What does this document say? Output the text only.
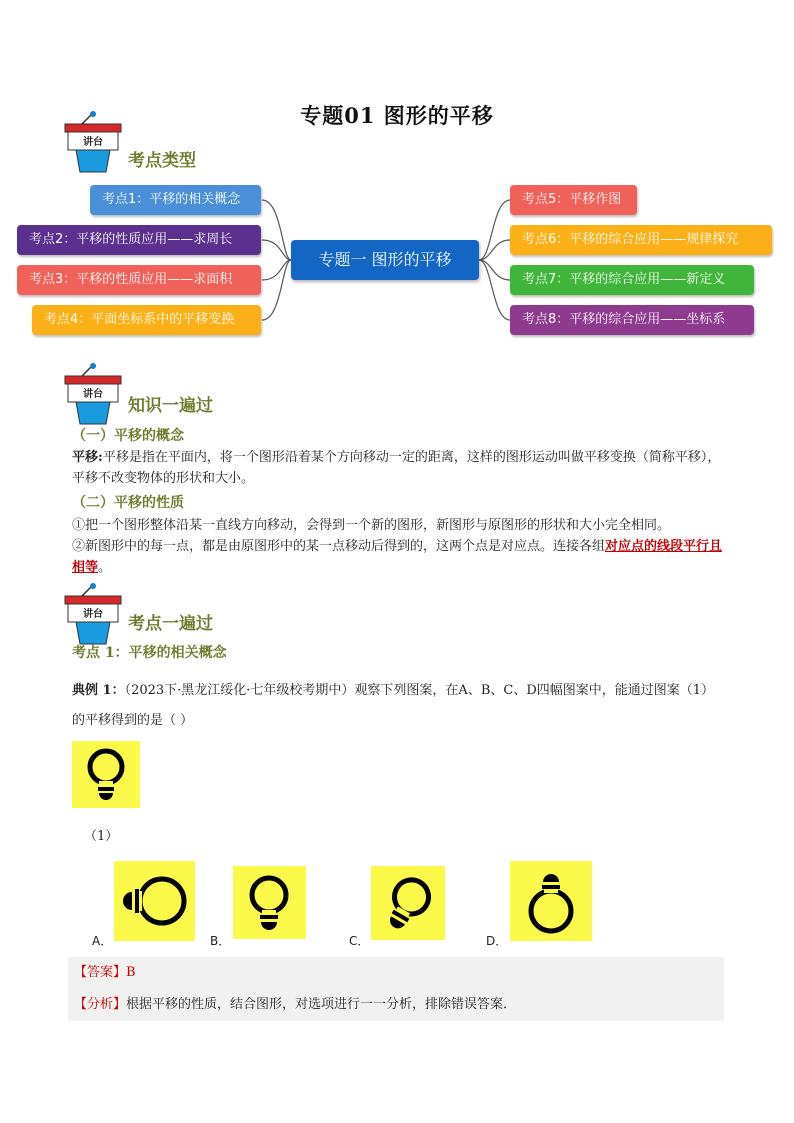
专题01 图形的平移
讲台
考点类型
考点1：平移的相关概念
考点2：平移的性质应用——求周长
考点3：平移的性质应用——求面积
考点4：平面坐标系中的平移变换
专题一 图形的平移
考点5：平移作图
考点6：平移的综合应用——规律探究
考点7：平移的综合应用——新定义
考点8：平移的综合应用——坐标系
讲台
知识一遍过
（一）平移的概念
平移:平移是指在平面内，将一个图形沿着某个方向移动一定的距离，这样的图形运动叫做平移变换（简称平移），平移不改变物体的形状和大小。
（二）平移的性质
①把一个图形整体沿某一直线方向移动，会得到一个新的图形，新图形与原图形的形状和大小完全相同。
②新图形中的每一点，都是由原图形中的某一点移动后得到的，这两个点是对应点。连接各组对应点的线段平行且相等。
讲台 考点一遍过
考点 1：平移的相关概念
典例 1：（2023下·黑龙江绥化·七年级校考期中）观察下列图案，在A、B、C、D四幅图案中，能通过图案（1）的平移得到的是（ ）
（1）
A．	B．	C．	D．
【答案】B
【分析】根据平移的性质，结合图形，对选项进行一一分析，排除错误答案．
